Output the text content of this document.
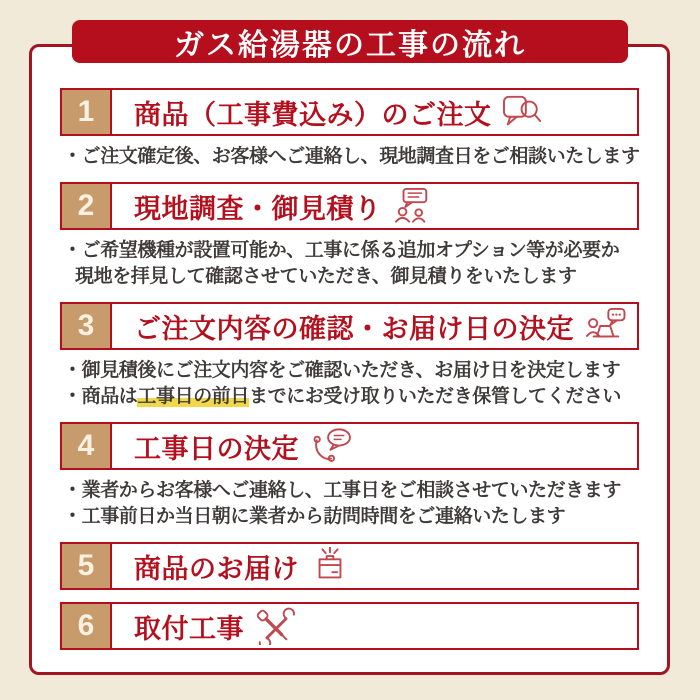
1	商品（工事費込み）のご注文

・ご注文確定後、お客様へご連絡し、現地調査日をご相談いたします

2	現地調査・御見積り

・ご希望機種が設置可能か、工事に係る追加オプション等が必要か

現地を拝見して確認させていただき、御見積りをいたします

3	ご注文内容の確認・お届け日の決定

・御見積後にご注文内容をご確認いただき、お届け日を決定します

・商品は工事日の前日までにお受け取りいただき保管してください

4	工事日の決定

・業者からお客様へご連絡し、工事日をご相談させていただきます

・工事前日か当日朝に業者から訪問時間をご連絡いたします

5	商品のお届け
6	取付工事
ガス給湯器の工事の流れ
